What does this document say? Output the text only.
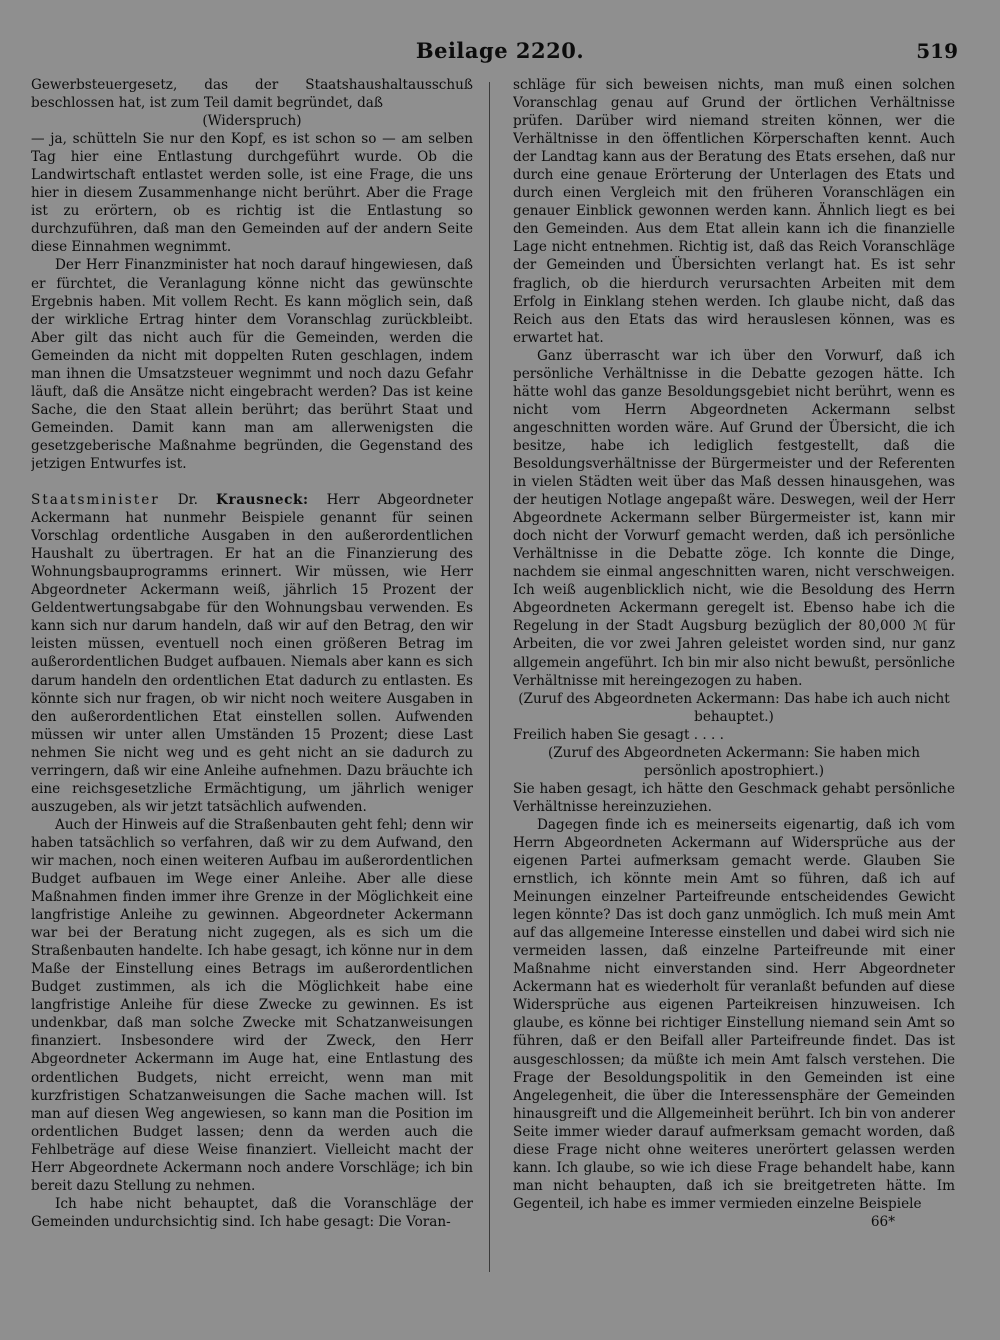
Beilage 2220.	519

Gewerbsteuergesetz, das der Staatshaushaltausschuß beschlossen hat, ist zum Teil damit begründet, daß

(Widerspruch)

— ja, schütteln Sie nur den Kopf, es ist schon so — am selben Tag hier eine Entlastung durchgeführt wurde. Ob die Landwirtschaft entlastet werden solle, ist eine Frage, die uns hier in diesem Zusammenhange nicht berührt. Aber die Frage ist zu erörtern, ob es richtig ist die Entlastung so durchzuführen, daß man den Gemeinden auf der andern Seite diese Einnahmen wegnimmt.

Der Herr Finanzminister hat noch darauf hingewiesen, daß er fürchtet, die Veranlagung könne nicht das gewünschte Ergebnis haben. Mit vollem Recht. Es kann möglich sein, daß der wirkliche Ertrag hinter dem Voranschlag zurückbleibt. Aber gilt das nicht auch für die Gemeinden, werden die Gemeinden da nicht mit doppelten Ruten geschlagen, indem man ihnen die Umsatzsteuer wegnimmt und noch dazu Gefahr läuft, daß die Ansätze nicht eingebracht werden? Das ist keine Sache, die den Staat allein berührt; das berührt Staat und Gemeinden. Damit kann man am allerwenigsten die gesetzgeberische Maßnahme begründen, die Gegenstand des jetzigen Entwurfes ist.

Staatsminister Dr. Krausneck: Herr Abgeordneter Ackermann hat nunmehr Beispiele genannt für seinen Vorschlag ordentliche Ausgaben in den außerordentlichen Haushalt zu übertragen. Er hat an die Finanzierung des Wohnungsbauprogramms erinnert. Wir müssen, wie Herr Abgeordneter Ackermann weiß, jährlich 15 Prozent der Geldentwertungsabgabe für den Wohnungsbau verwenden. Es kann sich nur darum handeln, daß wir auf den Betrag, den wir leisten müssen, eventuell noch einen größeren Betrag im außerordentlichen Budget aufbauen. Niemals aber kann es sich darum handeln den ordentlichen Etat dadurch zu entlasten. Es könnte sich nur fragen, ob wir nicht noch weitere Ausgaben in den außerordentlichen Etat einstellen sollen. Aufwenden müssen wir unter allen Umständen 15 Prozent; diese Last nehmen Sie nicht weg und es geht nicht an sie dadurch zu verringern, daß wir eine Anleihe aufnehmen. Dazu bräuchte ich eine reichsgesetzliche Ermächtigung, um jährlich weniger auszugeben, als wir jetzt tatsächlich aufwenden.

Auch der Hinweis auf die Straßenbauten geht fehl; denn wir haben tatsächlich so verfahren, daß wir zu dem Aufwand, den wir machen, noch einen weiteren Aufbau im außerordentlichen Budget aufbauen im Wege einer Anleihe. Aber alle diese Maßnahmen finden immer ihre Grenze in der Möglichkeit eine langfristige Anleihe zu gewinnen. Abgeordneter Ackermann war bei der Beratung nicht zugegen, als es sich um die Straßenbauten handelte. Ich habe gesagt, ich könne nur in dem Maße der Einstellung eines Betrags im außerordentlichen Budget zustimmen, als ich die Möglichkeit habe eine langfristige Anleihe für diese Zwecke zu gewinnen. Es ist undenkbar, daß man solche Zwecke mit Schatzanweisungen finanziert. Insbesondere wird der Zweck, den Herr Abgeordneter Ackermann im Auge hat, eine Entlastung des ordentlichen Budgets, nicht erreicht, wenn man mit kurzfristigen Schatzanweisungen die Sache machen will. Ist man auf diesen Weg angewiesen, so kann man die Position im ordentlichen Budget lassen; denn da werden auch die Fehlbeträge auf diese Weise finanziert. Vielleicht macht der Herr Abgeordnete Ackermann noch andere Vorschläge; ich bin bereit dazu Stellung zu nehmen.

Ich habe nicht behauptet, daß die Voranschläge der Gemeinden undurchsichtig sind. Ich habe gesagt: Die Voran-

schläge für sich beweisen nichts, man muß einen solchen Voranschlag genau auf Grund der örtlichen Verhältnisse prüfen. Darüber wird niemand streiten können, wer die Verhältnisse in den öffentlichen Körperschaften kennt. Auch der Landtag kann aus der Beratung des Etats ersehen, daß nur durch eine genaue Erörterung der Unterlagen des Etats und durch einen Vergleich mit den früheren Voranschlägen ein genauer Einblick gewonnen werden kann. Ähnlich liegt es bei den Gemeinden. Aus dem Etat allein kann ich die finanzielle Lage nicht entnehmen. Richtig ist, daß das Reich Voranschläge der Gemeinden und Übersichten verlangt hat. Es ist sehr fraglich, ob die hierdurch verursachten Arbeiten mit dem Erfolg in Einklang stehen werden. Ich glaube nicht, daß das Reich aus den Etats das wird herauslesen können, was es erwartet hat.

Ganz überrascht war ich über den Vorwurf, daß ich persönliche Verhältnisse in die Debatte gezogen hätte. Ich hätte wohl das ganze Besoldungsgebiet nicht berührt, wenn es nicht vom Herrn Abgeordneten Ackermann selbst angeschnitten worden wäre. Auf Grund der Übersicht, die ich besitze, habe ich lediglich festgestellt, daß die Besoldungsverhältnisse der Bürgermeister und der Referenten in vielen Städten weit über das Maß dessen hinausgehen, was der heutigen Notlage angepaßt wäre. Deswegen, weil der Herr Abgeordnete Ackermann selber Bürgermeister ist, kann mir doch nicht der Vorwurf gemacht werden, daß ich persönliche Verhältnisse in die Debatte zöge. Ich konnte die Dinge, nachdem sie einmal angeschnitten waren, nicht verschweigen. Ich weiß augenblicklich nicht, wie die Besoldung des Herrn Abgeordneten Ackermann geregelt ist. Ebenso habe ich die Regelung in der Stadt Augsburg bezüglich der 80,000 ℳ für Arbeiten, die vor zwei Jahren geleistet worden sind, nur ganz allgemein angeführt. Ich bin mir also nicht bewußt, persönliche Verhältnisse mit hereingezogen zu haben.

(Zuruf des Abgeordneten Ackermann: Das habe ich auch nicht behauptet.)

Freilich haben Sie gesagt . . . .

(Zuruf des Abgeordneten Ackermann: Sie haben mich persönlich apostrophiert.)

Sie haben gesagt, ich hätte den Geschmack gehabt persönliche Verhältnisse hereinzuziehen.

Dagegen finde ich es meinerseits eigenartig, daß ich vom Herrn Abgeordneten Ackermann auf Widersprüche aus der eigenen Partei aufmerksam gemacht werde. Glauben Sie ernstlich, ich könnte mein Amt so führen, daß ich auf Meinungen einzelner Parteifreunde entscheidendes Gewicht legen könnte? Das ist doch ganz unmöglich. Ich muß mein Amt auf das allgemeine Interesse einstellen und dabei wird sich nie vermeiden lassen, daß einzelne Parteifreunde mit einer Maßnahme nicht einverstanden sind. Herr Abgeordneter Ackermann hat es wiederholt für veranlaßt befunden auf diese Widersprüche aus eigenen Parteikreisen hinzuweisen. Ich glaube, es könne bei richtiger Einstellung niemand sein Amt so führen, daß er den Beifall aller Parteifreunde findet. Das ist ausgeschlossen; da müßte ich mein Amt falsch verstehen. Die Frage der Besoldungspolitik in den Gemeinden ist eine Angelegenheit, die über die Interessensphäre der Gemeinden hinausgreift und die Allgemeinheit berührt. Ich bin von anderer Seite immer wieder darauf aufmerksam gemacht worden, daß diese Frage nicht ohne weiteres unerörtert gelassen werden kann. Ich glaube, so wie ich diese Frage behandelt habe, kann man nicht behaupten, daß ich sie breitgetreten hätte. Im Gegenteil, ich habe es immer vermieden einzelne Beispiele

66*
